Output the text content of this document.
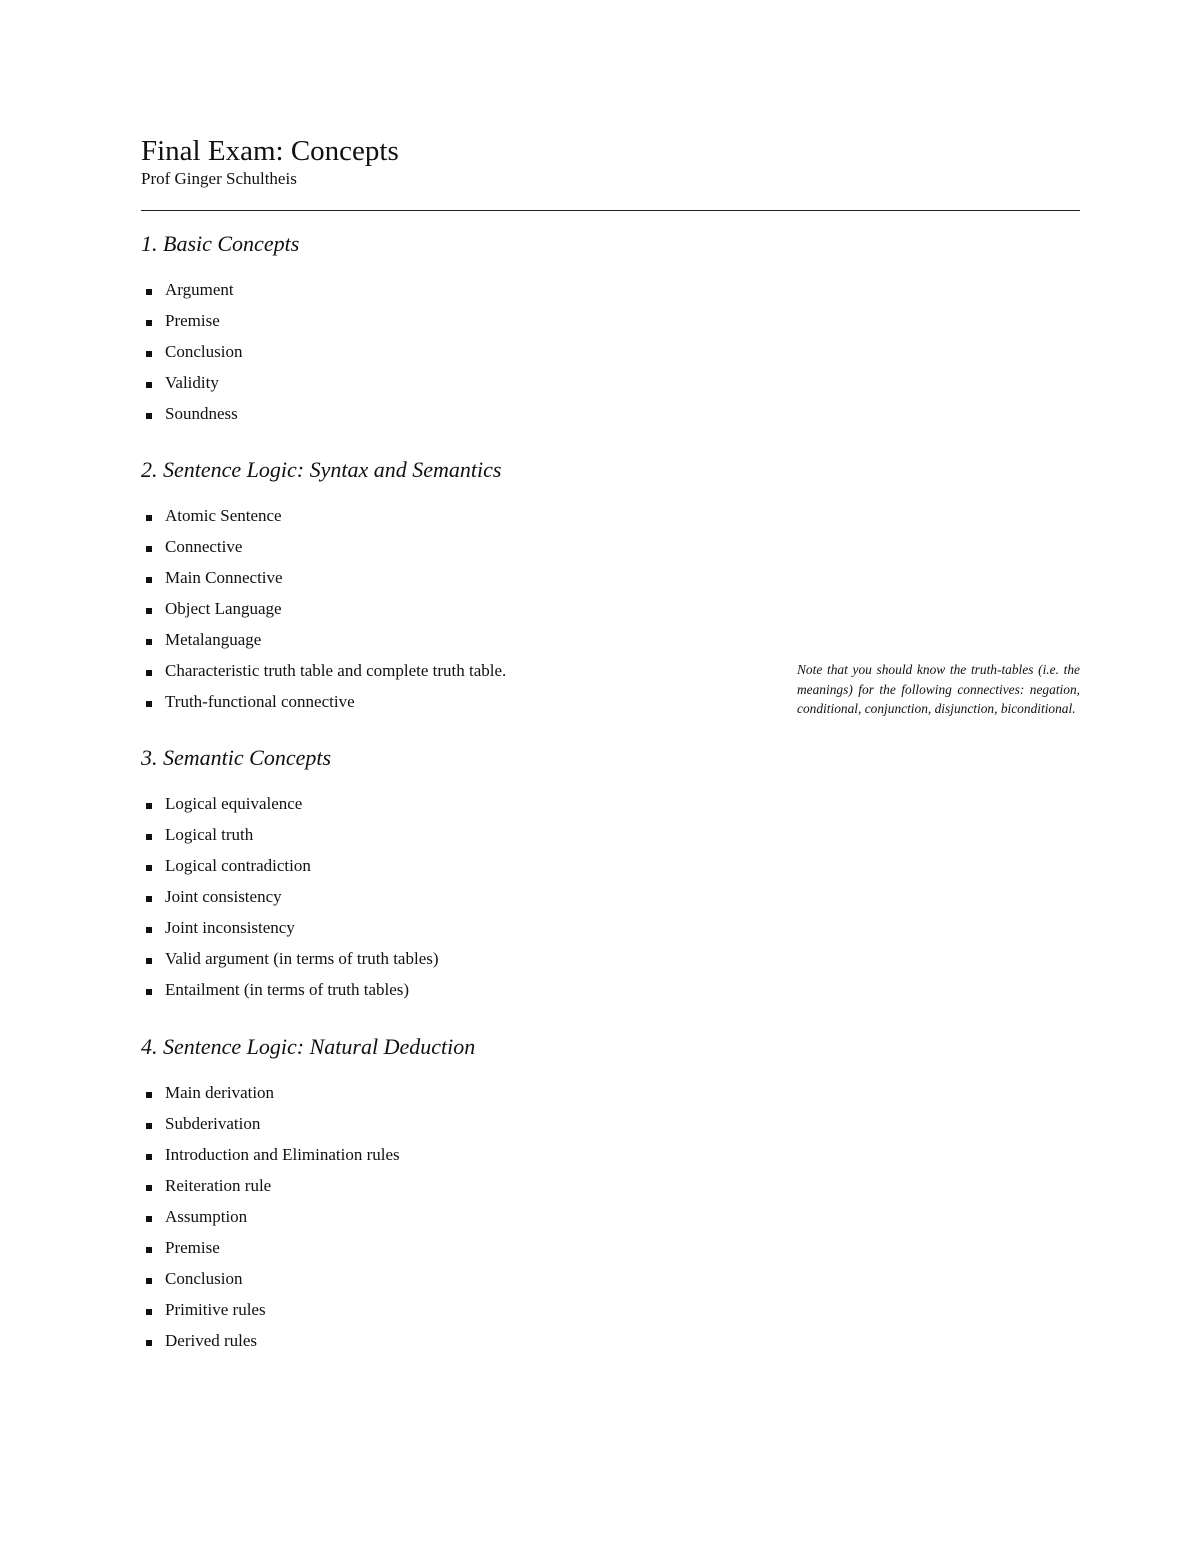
Final Exam: Concepts
Prof Ginger Schultheis
1. Basic Concepts
Argument
Premise
Conclusion
Validity
Soundness
2. Sentence Logic: Syntax and Semantics
Atomic Sentence
Connective
Main Connective
Object Language
Metalanguage
Characteristic truth table and complete truth table.
Truth-functional connective
Note that you should know the truth-tables (i.e. the meanings) for the following connectives: negation, conditional, conjunction, disjunction, biconditional.
3. Semantic Concepts
Logical equivalence
Logical truth
Logical contradiction
Joint consistency
Joint inconsistency
Valid argument (in terms of truth tables)
Entailment (in terms of truth tables)
4. Sentence Logic: Natural Deduction
Main derivation
Subderivation
Introduction and Elimination rules
Reiteration rule
Assumption
Premise
Conclusion
Primitive rules
Derived rules
